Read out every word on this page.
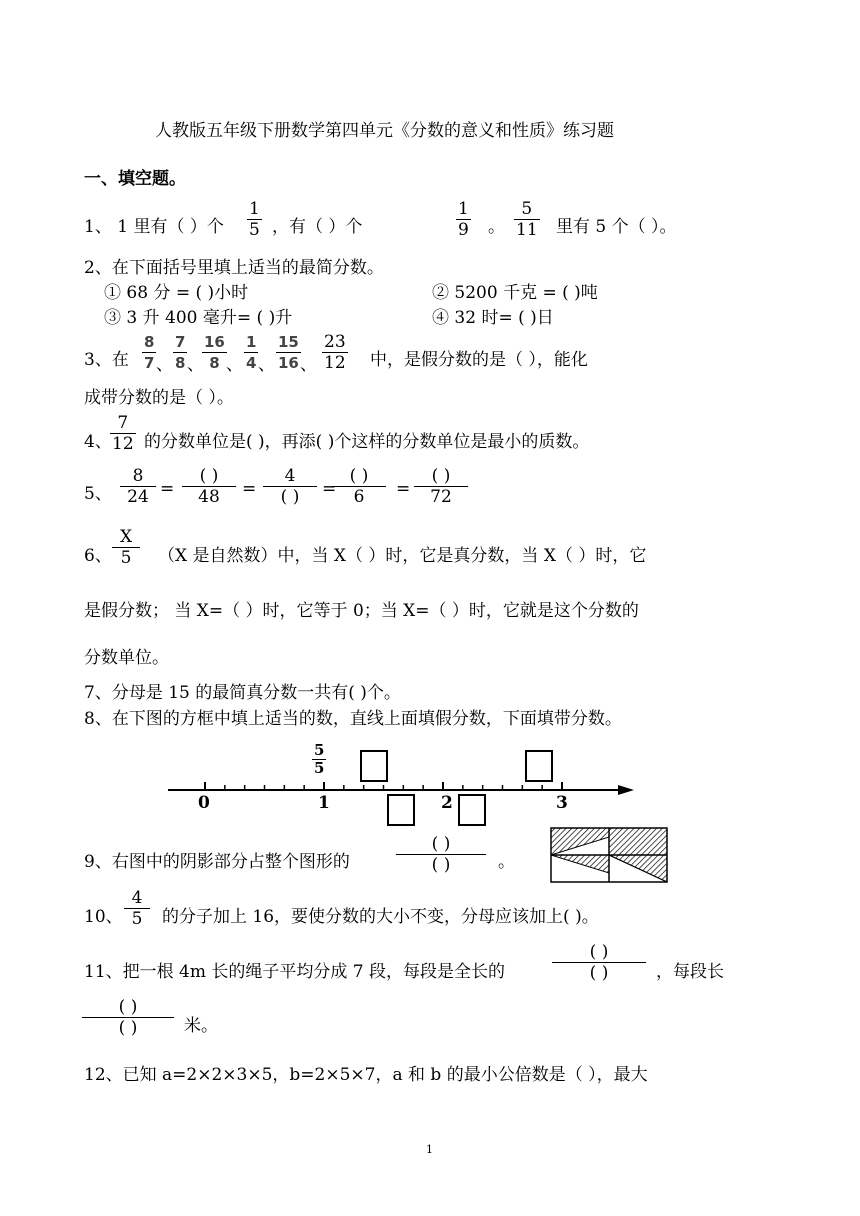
人教版五年级下册数学第四单元《分数的意义和性质》练习题
一、填空题。
1、 1 里有（ ）个 $\frac{1}{5}$ ，有（ ）个	$\frac{1}{9}$ 。 $\frac{5}{11}$ 里有 5 个（ ）。
2、在下面括号里填上适当的最简分数。
① 68 分 = ( )小时	② 5200 千克 = ( )吨
③ 3 升 400 毫升= ( )升	④ 32 时= ( )日
3、在 $\frac{8}{7}$ 、 $\frac{7}{8}$ 、
$\frac{16}{8}$ 、 $\frac{1}{4}$ 、 $\frac{15}{16}$ 、 $\frac{23}{12}$ 中，是假分数的是（ ），能化
成带分数的是（ ）。
4、
$\frac{7}{12}$ 的分数单位是( )，再添( )个这样的分数单位是最小的质数。
5、 $\frac{8}{24}$ =
( )
48	=
4
( )	=
( )
6	=
( )
72
6、 $\frac{X}{5} (X$ 是自然数）中，当 X（ ）时，它是真分数，当 X（ ）时，它
是假分数； 当 X=（ ）时，它等于 0；当 X=（ ）时，它就是这个分数的
分数单位。
7、分母是 15 的最简真分数一共有( )个。
8、在下图的方框中填上适当的数，直线上面填假分数，下面填带分数。
0	1	2	3
$\frac{5}{5}$
9、右图中的阴影部分占整个图形的
( )
( )	。
10、 $\frac{4}{5}$ 的分子加上 16，要使分数的大小不变，分母应该加上( )。
11、把一根 4m 长的绳子平均分成 7 段，每段是全长的
( )
( )	，每段长
( )
( )	米。
12、已知 a=2×2×3×5，b=2×5×7，a 和 b 的最小公倍数是（ ），最大
1
